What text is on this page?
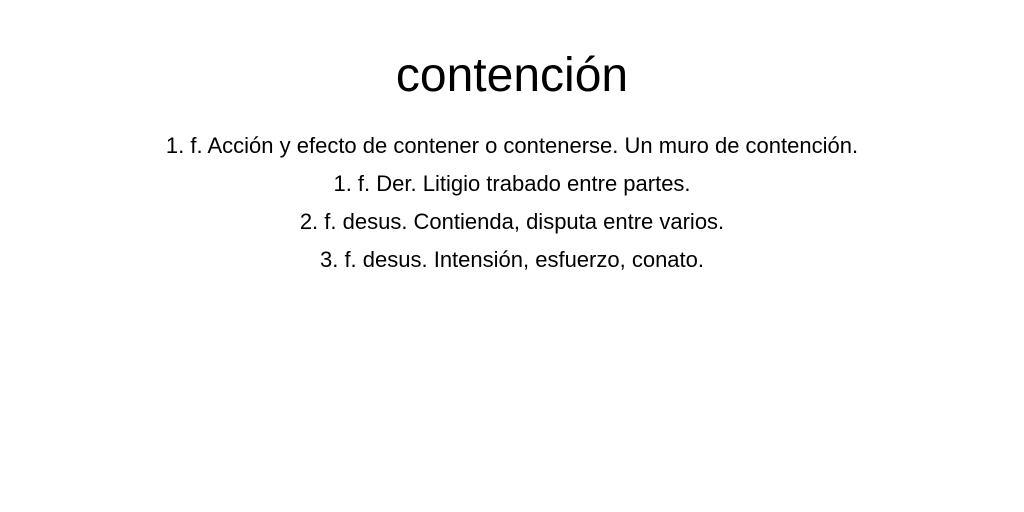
contención
1. f. Acción y efecto de contener o contenerse. Un muro de contención.
1. f. Der. Litigio trabado entre partes.
2. f. desus. Contienda, disputa entre varios.
3. f. desus. Intensión, esfuerzo, conato.
